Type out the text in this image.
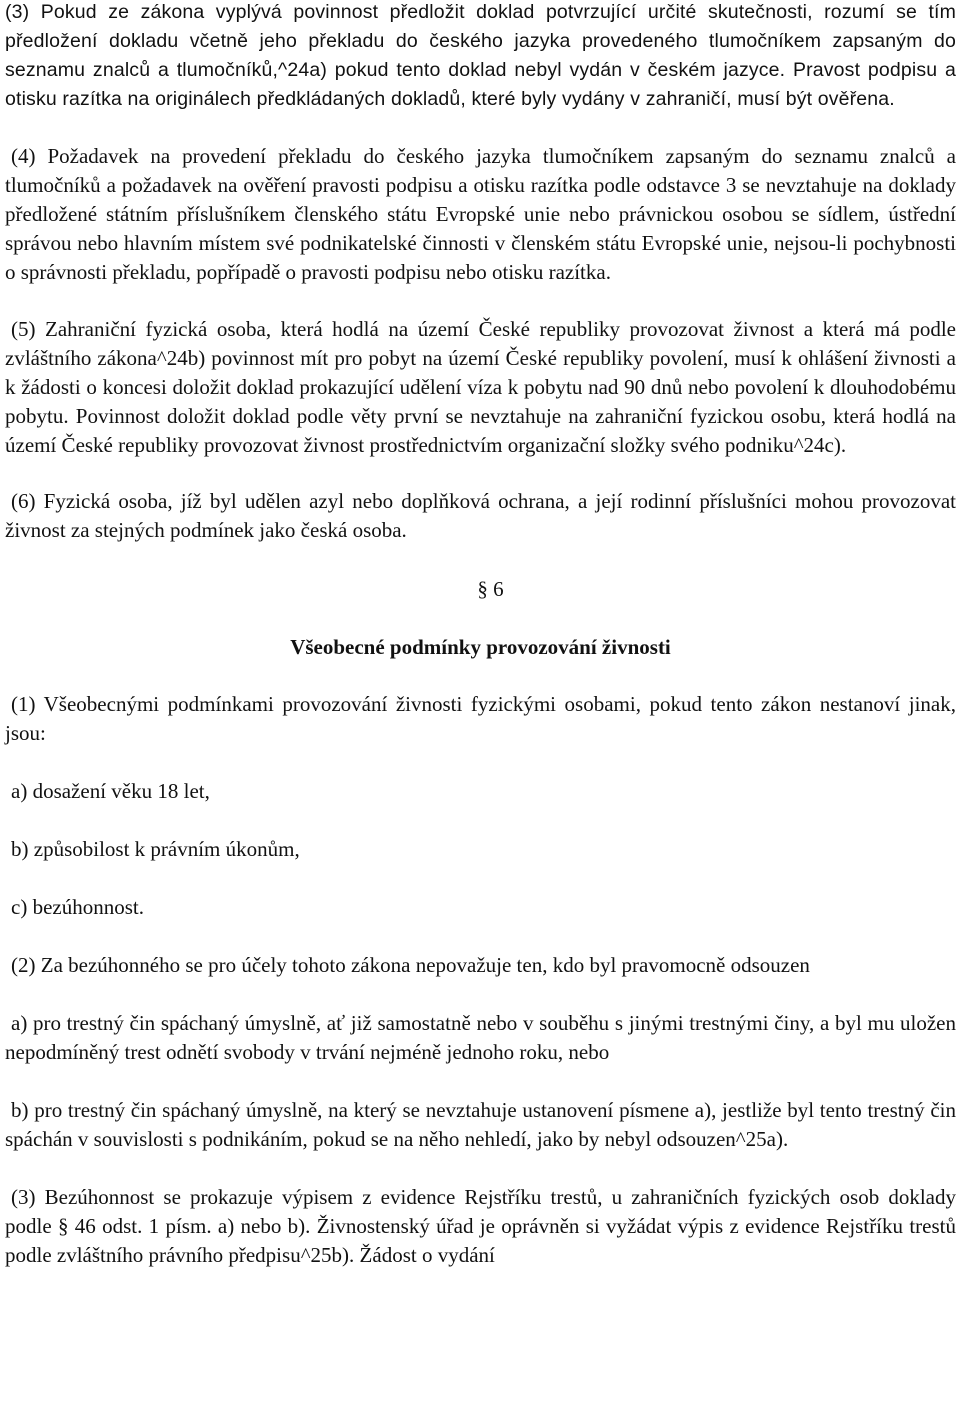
(3) Pokud ze zákona vyplývá povinnost předložit doklad potvrzující určité skutečnosti, rozumí se tím předložení dokladu včetně jeho překladu do českého jazyka provedeného tlumočníkem zapsaným do seznamu znalců a tlumočníků,^24a) pokud tento doklad nebyl vydán v českém jazyce. Pravost podpisu a otisku razítka na originálech předkládaných dokladů, které byly vydány v zahraničí, musí být ověřena.

(4) Požadavek na provedení překladu do českého jazyka tlumočníkem zapsaným do seznamu znalců a tlumočníků a požadavek na ověření pravosti podpisu a otisku razítka podle odstavce 3 se nevztahuje na doklady předložené státním příslušníkem členského státu Evropské unie nebo právnickou osobou se sídlem, ústřední správou nebo hlavním místem své podnikatelské činnosti v členském státu Evropské unie, nejsou-li pochybnosti o správnosti překladu, popřípadě o pravosti podpisu nebo otisku razítka.

(5) Zahraniční fyzická osoba, která hodlá na území České republiky provozovat živnost a která má podle zvláštního zákona^24b) povinnost mít pro pobyt na území České republiky povolení, musí k ohlášení živnosti a k žádosti o koncesi doložit doklad prokazující udělení víza k pobytu nad 90 dnů nebo povolení k dlouhodobému pobytu. Povinnost doložit doklad podle věty první se nevztahuje na zahraniční fyzickou osobu, která hodlá na území České republiky provozovat živnost prostřednictvím organizační složky svého podniku^24c).

(6) Fyzická osoba, jíž byl udělen azyl nebo doplňková ochrana, a její rodinní příslušníci mohou provozovat živnost za stejných podmínek jako česká osoba.

§ 6
Všeobecné podmínky provozování živnosti

(1) Všeobecnými podmínkami provozování živnosti fyzickými osobami, pokud tento zákon nestanoví jinak, jsou:

a) dosažení věku 18 let,

b) způsobilost k právním úkonům,

c) bezúhonnost.

(2) Za bezúhonného se pro účely tohoto zákona nepovažuje ten, kdo byl pravomocně odsouzen

a) pro trestný čin spáchaný úmyslně, ať již samostatně nebo v souběhu s jinými trestnými činy, a byl mu uložen nepodmíněný trest odnětí svobody v trvání nejméně jednoho roku, nebo

b) pro trestný čin spáchaný úmyslně, na který se nevztahuje ustanovení písmene a), jestliže byl tento trestný čin spáchán v souvislosti s podnikáním, pokud se na něho nehledí, jako by nebyl odsouzen^25a).

(3) Bezúhonnost se prokazuje výpisem z evidence Rejstříku trestů, u zahraničních fyzických osob doklady podle § 46 odst. 1 písm. a) nebo b). Živnostenský úřad je oprávněn si vyžádat výpis z evidence Rejstříku trestů podle zvláštního právního předpisu^25b). Žádost o vydání
